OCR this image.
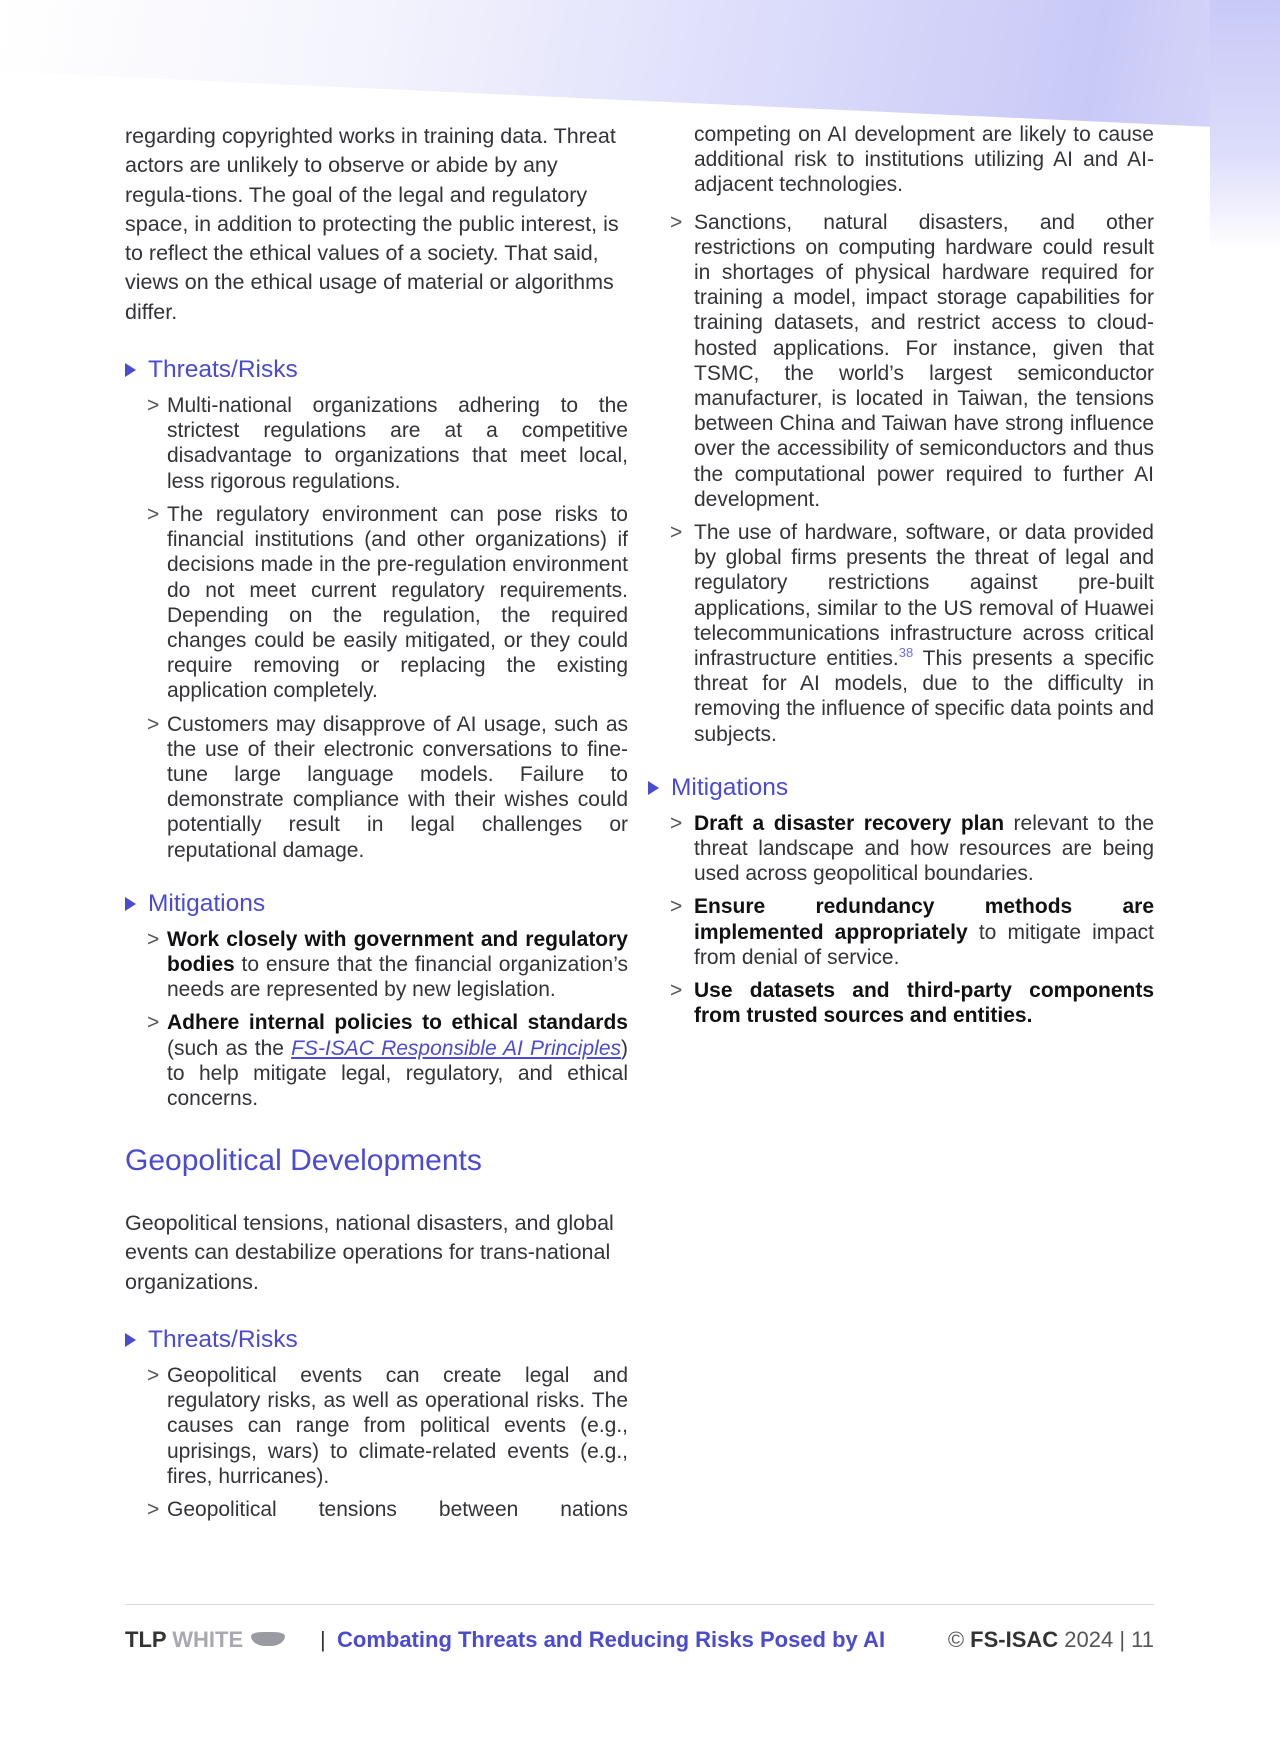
regarding copyrighted works in training data. Threat actors are unlikely to observe or abide by any regula-tions. The goal of the legal and regulatory space, in addition to protecting the public interest, is to reflect the ethical values of a society. That said, views on the ethical usage of material or algorithms differ.

Threats/Risks
> Multi-national organizations adhering to the strictest regulations are at a competitive disadvantage to organizations that meet local, less rigorous regulations.
> The regulatory environment can pose risks to financial institutions (and other organizations) if decisions made in the pre-regulation environment do not meet current regulatory requirements. Depending on the regulation, the required changes could be easily mitigated, or they could require removing or replacing the existing application completely.
> Customers may disapprove of AI usage, such as the use of their electronic conversations to fine-tune large language models. Failure to demonstrate compliance with their wishes could potentially result in legal challenges or reputational damage.
Mitigations
> Work closely with government and regulatory bodies to ensure that the financial organization’s needs are represented by new legislation.
> Adhere internal policies to ethical standards (such as the FS-ISAC Responsible AI Principles) to help mitigate legal, regulatory, and ethical concerns.
Geopolitical Developments

Geopolitical tensions, national disasters, and global events can destabilize operations for trans-national organizations.

Threats/Risks
> Geopolitical events can create legal and regulatory risks, as well as operational risks. The causes can range from political events (e.g., uprisings, wars) to climate-related events (e.g., fires, hurricanes).
> Geopolitical tensions between nations
competing on AI development are likely to cause additional risk to institutions utilizing AI and AI-adjacent technologies.
> Sanctions, natural disasters, and other restrictions on computing hardware could result in shortages of physical hardware required for training a model, impact storage capabilities for training datasets, and restrict access to cloud-hosted applications. For instance, given that TSMC, the world’s largest semiconductor manufacturer, is located in Taiwan, the tensions between China and Taiwan have strong influence over the accessibility of semiconductors and thus the computational power required to further AI development.
> The use of hardware, software, or data provided by global firms presents the threat of legal and regulatory restrictions against pre-built applications, similar to the US removal of Huawei telecommunications infrastructure across critical infrastructure entities.$^{38}$ This presents a specific threat for AI models, due to the difficulty in removing the influence of specific data points and subjects.
Mitigations
> Draft a disaster recovery plan relevant to the threat landscape and how resources are being used across geopolitical boundaries.
> Ensure redundancy methods are implemented appropriately to mitigate impact from denial of service.
> Use datasets and third-party components from trusted sources and entities.
TLP WHITE	| Combating Threats and Reducing Risks Posed by AI	© FS-ISAC 2024 | 11
